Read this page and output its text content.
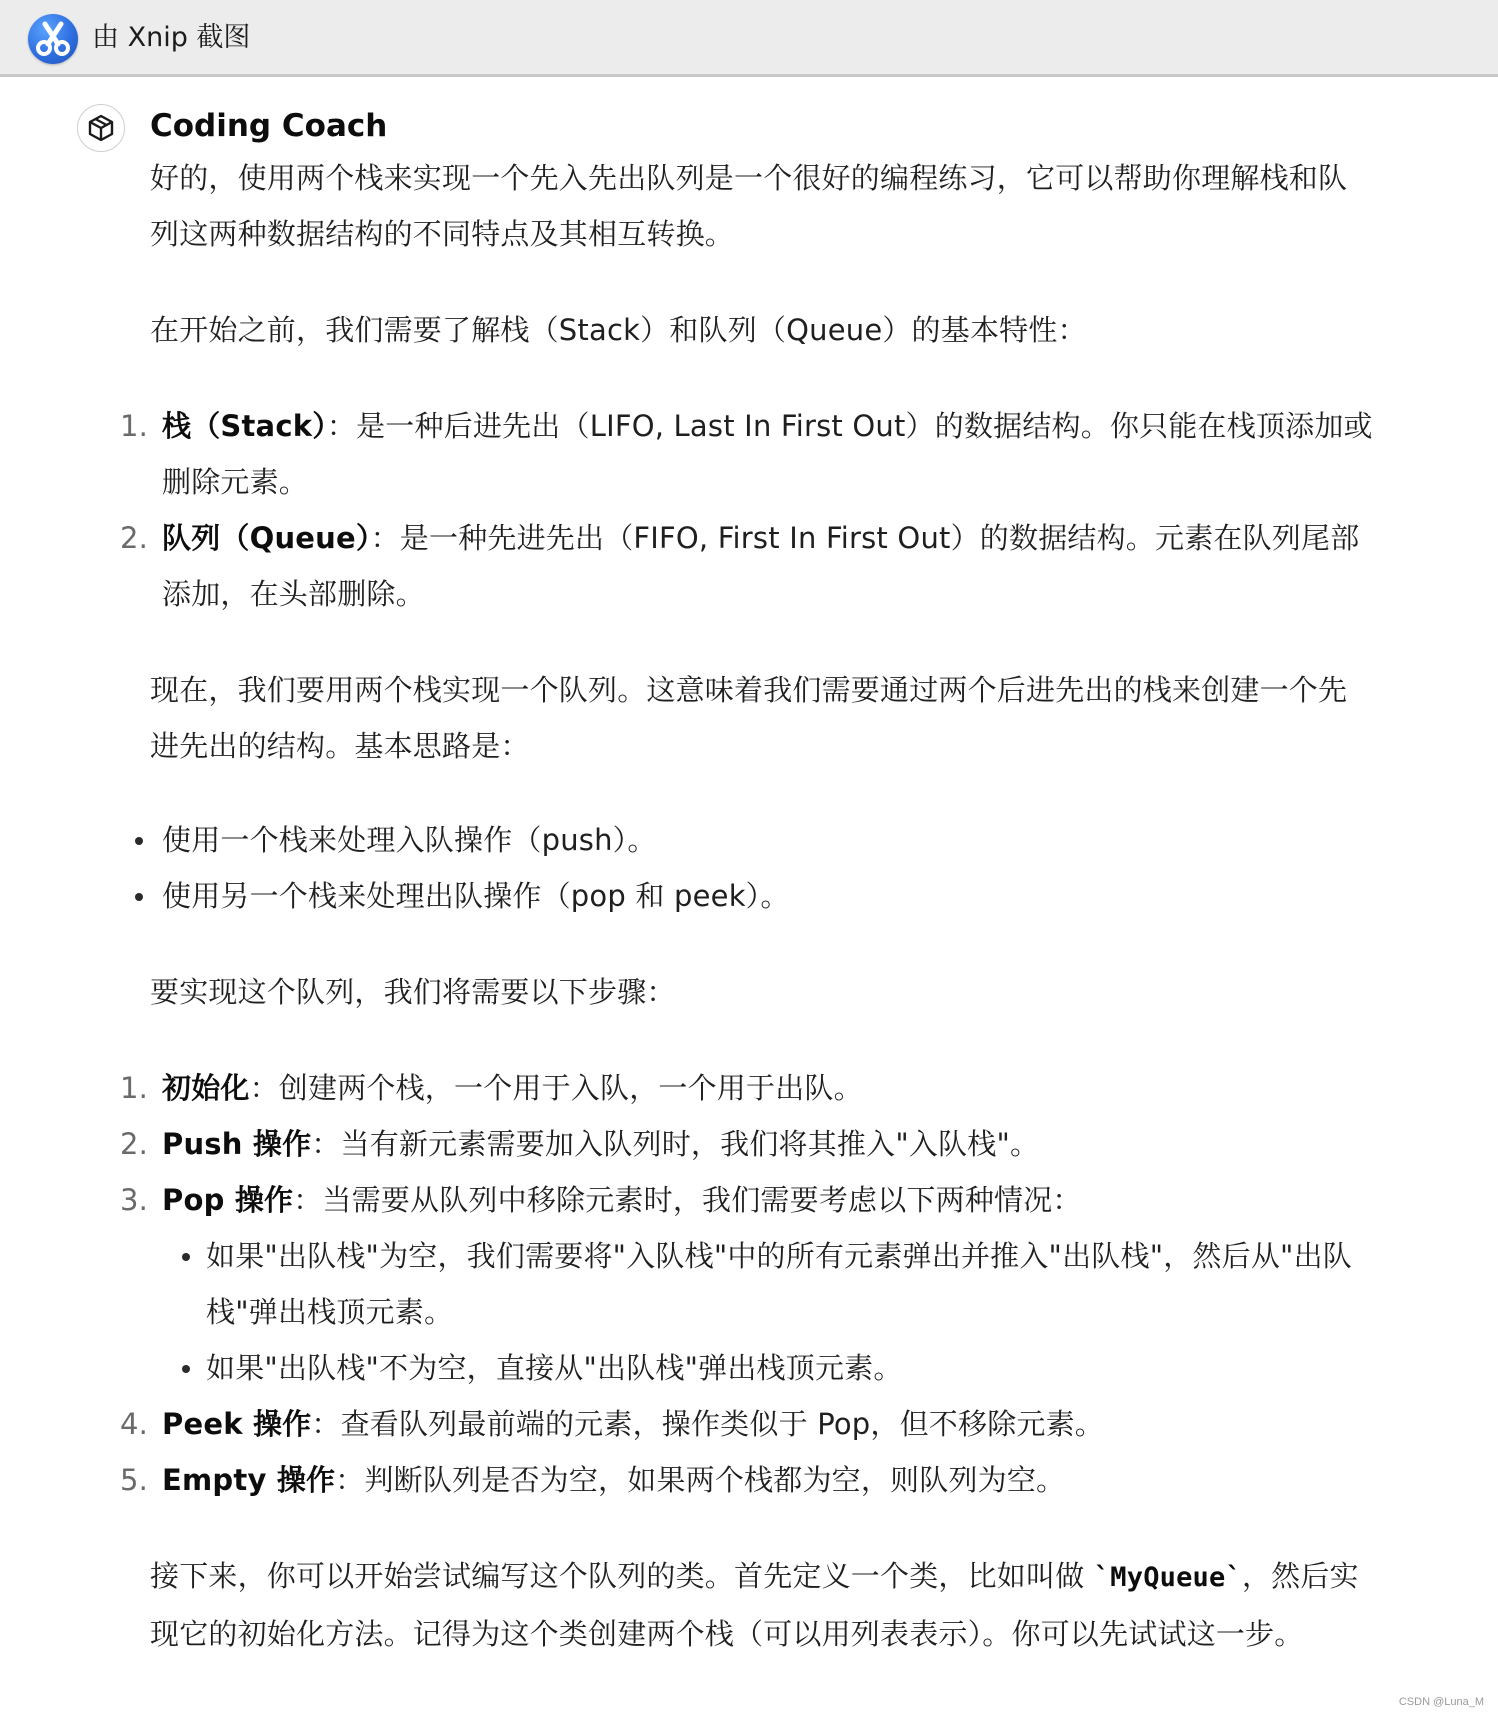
由 Xnip 截图
Coding Coach

好的，使用两个栈来实现一个先入先出队列是一个很好的编程练习，它可以帮助你理解栈和队列这两种数据结构的不同特点及其相互转换。

在开始之前，我们需要了解栈（Stack）和队列（Queue）的基本特性：

1. 栈（Stack）：是一种后进先出（LIFO, Last In First Out）的数据结构。你只能在栈顶添加或删除元素。
2. 队列（Queue）：是一种先进先出（FIFO, First In First Out）的数据结构。元素在队列尾部添加，在头部删除。

现在，我们要用两个栈实现一个队列。这意味着我们需要通过两个后进先出的栈来创建一个先进先出的结构。基本思路是：

使用一个栈来处理入队操作（push）。
使用另一个栈来处理出队操作（pop 和 peek）。

要实现这个队列，我们将需要以下步骤：

1. 初始化：创建两个栈，一个用于入队，一个用于出队。
2. Push 操作：当有新元素需要加入队列时，我们将其推入"入队栈"。
3. Pop 操作：当需要从队列中移除元素时，我们需要考虑以下两种情况：
如果"出队栈"为空，我们需要将"入队栈"中的所有元素弹出并推入"出队栈"，然后从"出队栈"弹出栈顶元素。
如果"出队栈"不为空，直接从"出队栈"弹出栈顶元素。
4. Peek 操作：查看队列最前端的元素，操作类似于 Pop，但不移除元素。
5. Empty 操作：判断队列是否为空，如果两个栈都为空，则队列为空。

接下来，你可以开始尝试编写这个队列的类。首先定义一个类，比如叫做 `MyQueue`，然后实现它的初始化方法。记得为这个类创建两个栈（可以用列表表示）。你可以先试试这一步。

CSDN @Luna_M
